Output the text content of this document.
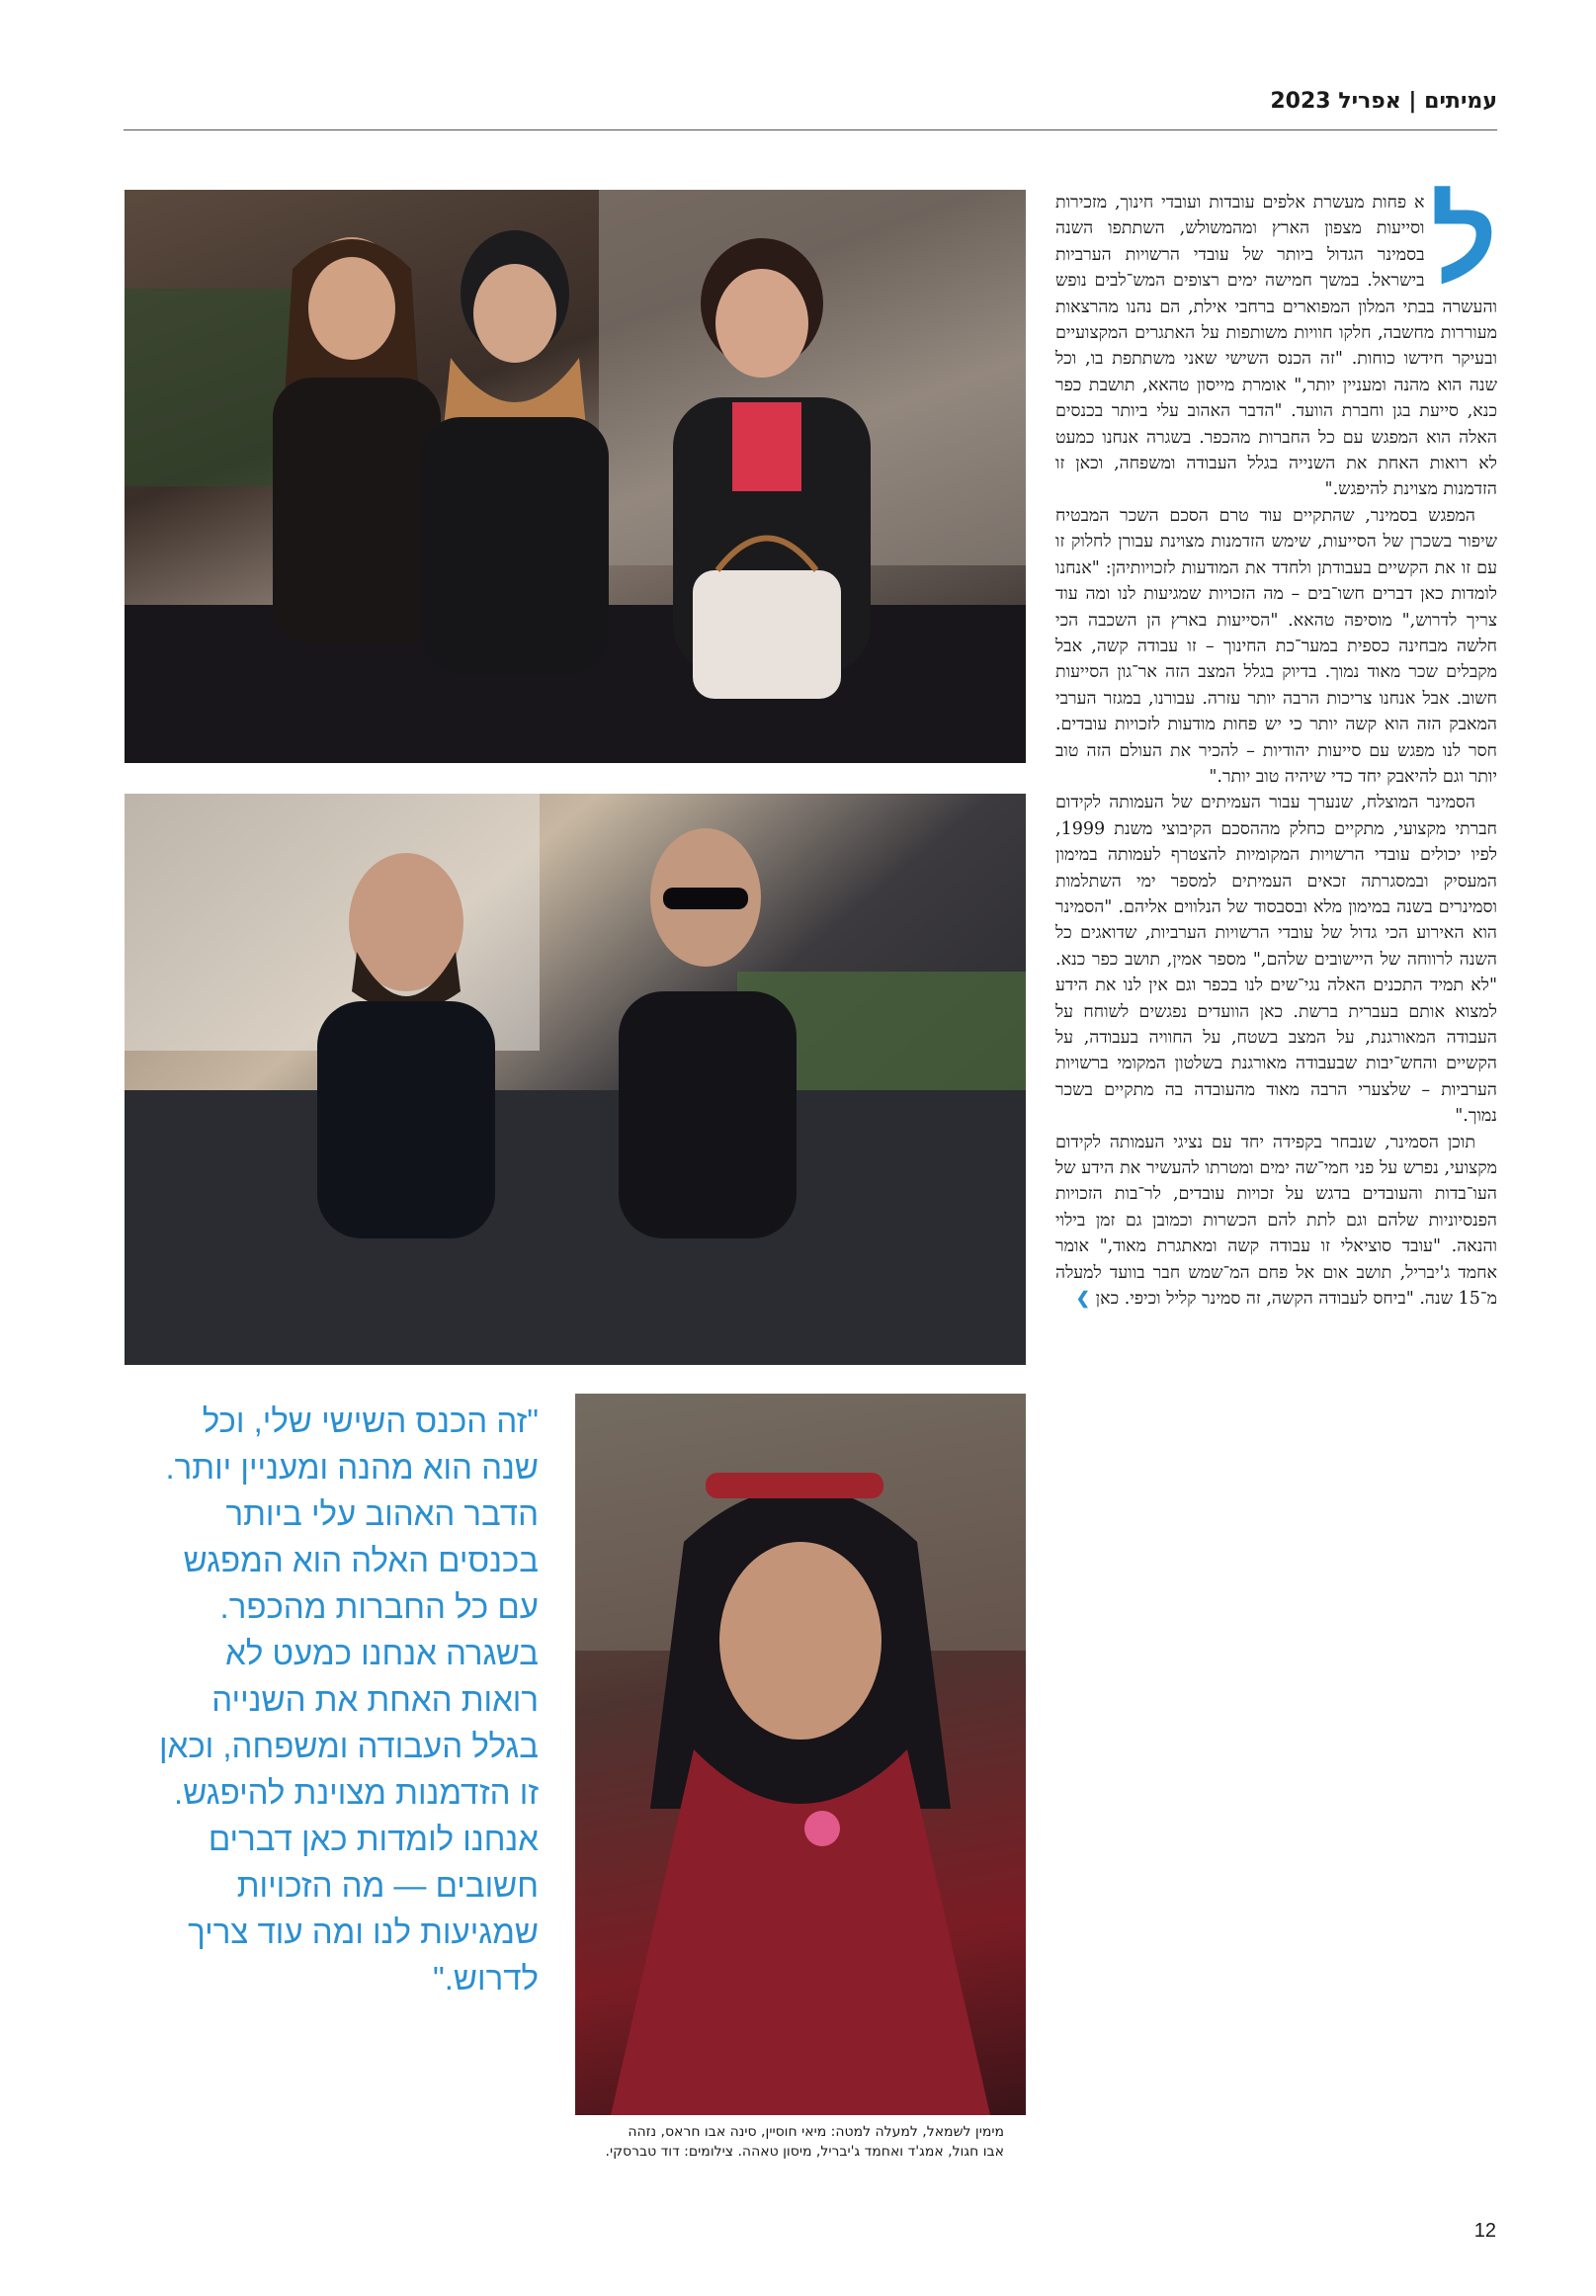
עמיתים | אפריל 2023
ל

א פחות מעשרת אלפים עובדות ועובדי חינוך, מזכירות וסייעות מצפון הארץ ומהמשולש, השתתפו השנה בסמינר הגדול ביותר של עובדי הרשויות הערביות בישראל. במשך חמישה ימים רצופים המש־לבים נופש והעשרה בבתי המלון המפוארים ברחבי אילת, הם נהנו מהרצאות מעוררות מחשבה, חלקו חוויות משותפות על האתגרים המקצועיים ובעיקר חידשו כוחות. "זה הכנס השישי שאני משתתפת בו, וכל שנה הוא מהנה ומעניין יותר," אומרת מייסון טהאא, תושבת כפר כנא, סייעת בגן וחברת הוועד. "הדבר האהוב עלי ביותר בכנסים האלה הוא המפגש עם כל החברות מהכפר. בשגרה אנחנו כמעט לא רואות האחת את השנייה בגלל העבודה ומשפחה, וכאן זו הזדמנות מצוינת להיפגש."

המפגש בסמינר, שהתקיים עוד טרם הסכם השכר המבטיח שיפור בשכרן של הסייעות, שימש הזדמנות מצוינת עבורן לחלוק זו עם זו את הקשיים בעבודתן ולחדד את המודעות לזכויותיהן: "אנחנו לומדות כאן דברים חשו־בים – מה הזכויות שמגיעות לנו ומה עוד צריך לדרוש," מוסיפה טהאא. "הסייעות בארץ הן השכבה הכי חלשה מבחינה כספית במער־כת החינוך – זו עבודה קשה, אבל מקבלים שכר מאוד נמוך. בדיוק בגלל המצב הזה אר־גון הסייעות חשוב. אבל אנחנו צריכות הרבה יותר עזרה. עבורנו, במגזר הערבי המאבק הזה הוא קשה יותר כי יש פחות מודעות לזכויות עובדים. חסר לנו מפגש עם סייעות יהודיות – להכיר את העולם הזה טוב יותר וגם להיאבק יחד כדי שיהיה טוב יותר."

הסמינר המוצלח, שנערך עבור העמיתים של העמותה לקידום חברתי מקצועי, מתקיים כחלק מההסכם הקיבוצי משנת 1999, לפיו יכולים עובדי הרשויות המקומיות להצטרף לעמותה במימון המעסיק ובמסגרתה זכאים העמיתים למספר ימי השתלמות וסמינרים בשנה במימון מלא ובסבסוד של הנלווים אליהם. "הסמינר הוא האירוע הכי גדול של עובדי הרשויות הערביות, שדואגים כל השנה לרווחה של היישובים שלהם," מספר אמין, תושב כפר כנא. "לא תמיד התכנים האלה נגי־שים לנו בכפר וגם אין לנו את הידע למצוא אותם בעברית ברשת. כאן הוועדים נפגשים לשוחח על העבודה המאורגנת, על המצב בשטח, על החוויה בעבודה, על הקשיים והחש־יבות שבעבודה מאורגנת בשלטון המקומי ברשויות הערביות – שלצערי הרבה מאוד מהעובדה בה מתקיים בשכר נמוך."

תוכן הסמינר, שנבחר בקפידה יחד עם נציגי העמותה לקידום מקצועי, נפרש על פני חמי־שה ימים ומטרתו להעשיר את הידע של העו־בדות והעובדים בדגש על זכויות עובדים, לר־בות הזכויות הפנסיוניות שלהם וגם לתת להם הכשרות וכמובן גם זמן בילוי והנאה. "עובד סוציאלי זו עבודה קשה ומאתגרת מאוד," אומר אחמד ג'יבריל, תושב אום אל פחם המ־שמש חבר בוועד למעלה מ־15 שנה. "ביחס לעבודה הקשה, זה סמינר קליל וכיפי. כאן ❯

"זה הכנס השישי שלי, וכל שנה הוא מהנה ומעניין יותר. הדבר האהוב עלי ביותר בכנסים האלה הוא המפגש עם כל החברות מהכפר. בשגרה אנחנו כמעט לא רואות האחת את השנייה בגלל העבודה ומשפחה, וכאן זו הזדמנות מצוינת להיפגש. אנחנו לומדות כאן דברים חשובים — מה הזכויות שמגיעות לנו ומה עוד צריך לדרוש."
מימין לשמאל, למעלה למטה: מיאי חוסיין, סינה אבו חראס, נזהה אבו חגול, אמג'ד ואחמד ג'יבריל, מיסון טאהה. צילומים: דוד טברסקי.
12
